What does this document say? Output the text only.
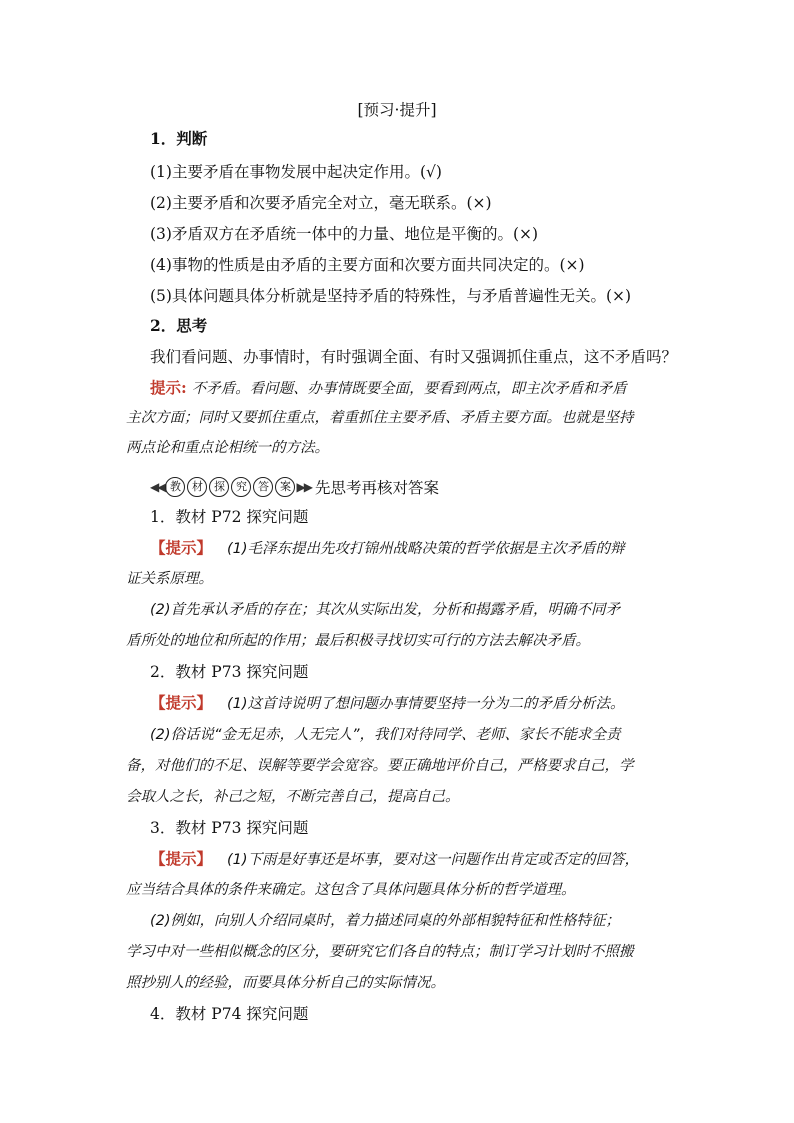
[预习·提升]
1．判断
(1)主要矛盾在事物发展中起决定作用。(√)
(2)主要矛盾和次要矛盾完全对立，毫无联系。(×)
(3)矛盾双方在矛盾统一体中的力量、地位是平衡的。(×)
(4)事物的性质是由矛盾的主要方面和次要方面共同决定的。(×)
(5)具体问题具体分析就是坚持矛盾的特殊性，与矛盾普遍性无关。(×)
2．思考
我们看问题、办事情时，有时强调全面、有时又强调抓住重点，这不矛盾吗？
提示: 不矛盾。看问题、办事情既要全面，要看到两点，即主次矛盾和矛盾
主次方面；同时又要抓住重点，着重抓住主要矛盾、矛盾主要方面。也就是坚持
两点论和重点论相统一的方法。
◀◀ 教	材	探	究	答	案 ▶▶ 先思考再核对答案
1．教材 P72 探究问题
【提示】 (1)毛泽东提出先攻打锦州战略决策的哲学依据是主次矛盾的辩
证关系原理。
(2)首先承认矛盾的存在；其次从实际出发，分析和揭露矛盾，明确不同矛
盾所处的地位和所起的作用；最后积极寻找切实可行的方法去解决矛盾。
2．教材 P73 探究问题
【提示】 (1)这首诗说明了想问题办事情要坚持一分为二的矛盾分析法。
(2)俗话说“金无足赤，人无完人”，我们对待同学、老师、家长不能求全责
备，对他们的不足、误解等要学会宽容。要正确地评价自己，严格要求自己，学
会取人之长，补己之短，不断完善自己，提高自己。
3．教材 P73 探究问题
【提示】 (1)下雨是好事还是坏事，要对这一问题作出肯定或否定的回答，
应当结合具体的条件来确定。这包含了具体问题具体分析的哲学道理。
(2)例如，向别人介绍同桌时，着力描述同桌的外部相貌特征和性格特征；
学习中对一些相似概念的区分，要研究它们各自的特点；制订学习计划时不照搬
照抄别人的经验，而要具体分析自己的实际情况。
4．教材 P74 探究问题
